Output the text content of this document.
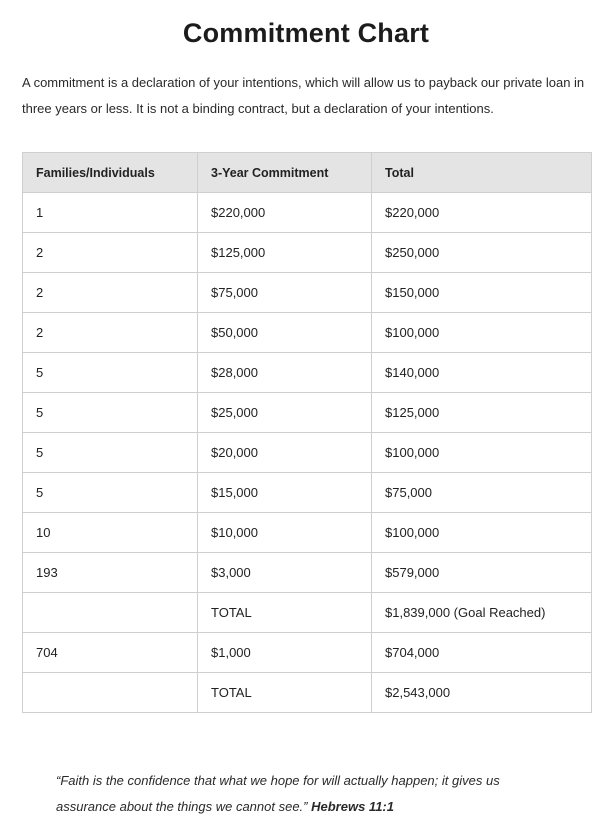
Commitment Chart

A commitment is a declaration of your intentions, which will allow us to payback our private loan in three years or less. It is not a binding contract, but a declaration of your intentions.

Families/Individuals	3-Year Commitment	Total
1	$220,000	$220,000
2	$125,000	$250,000
2	$75,000	$150,000
2	$50,000	$100,000
5	$28,000	$140,000
5	$25,000	$125,000
5	$20,000	$100,000
5	$15,000	$75,000
10	$10,000	$100,000
193	$3,000	$579,000
	TOTAL	$1,839,000 (Goal Reached)
704	$1,000	$704,000
	TOTAL	$2,543,000

“Faith is the confidence that what we hope for will actually happen; it gives us assurance about the things we cannot see.” Hebrews 11:1
